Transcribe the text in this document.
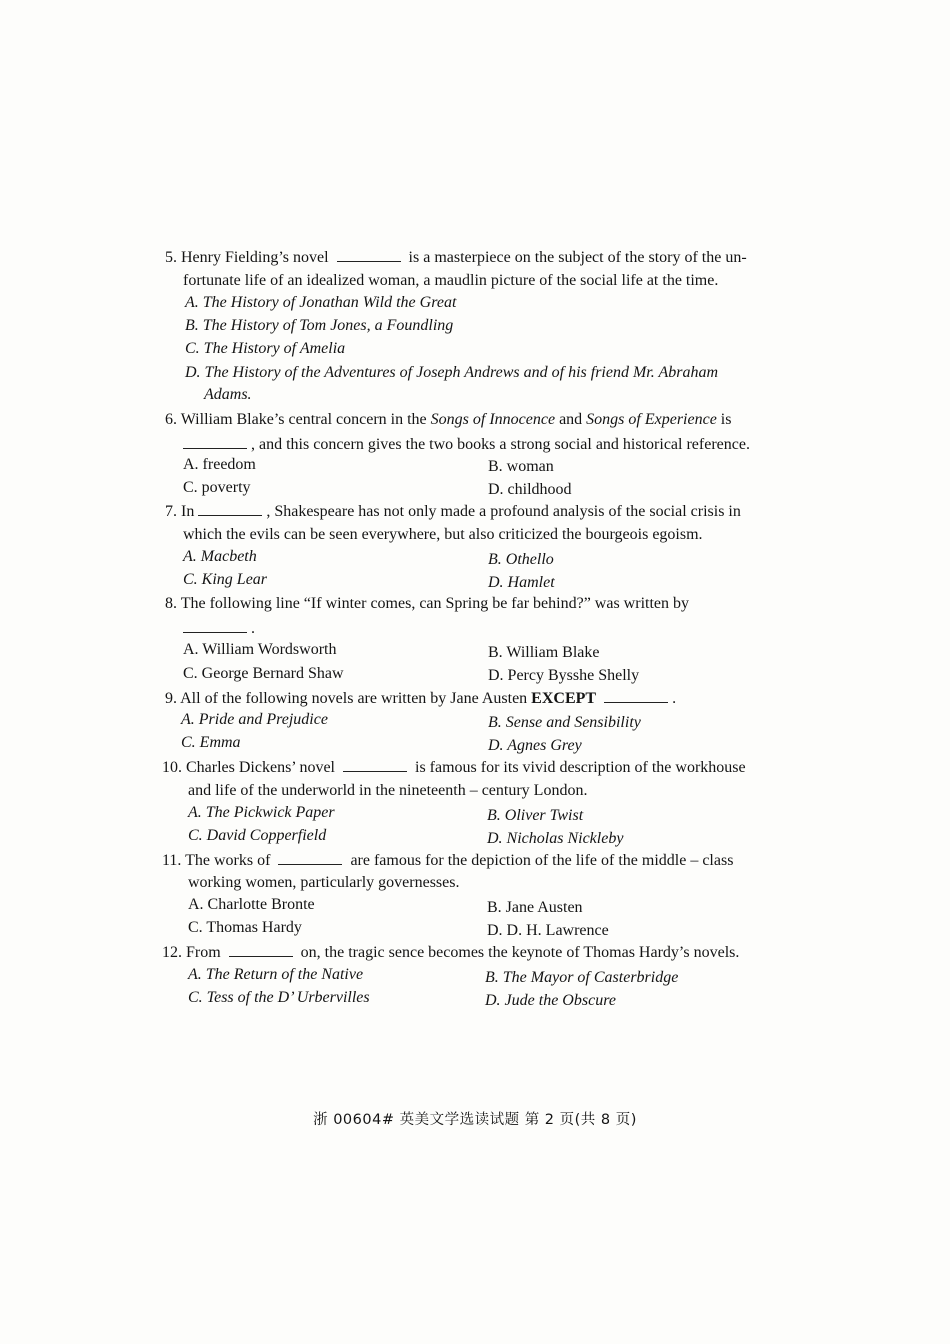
5. Henry Fielding’s novel	is a masterpiece on the subject of the story of the un-
fortunate life of an idealized woman, a maudlin picture of the social life at the time.
A. The History of Jonathan Wild the Great
B. The History of Tom Jones, a Foundling
C. The History of Amelia
D. The History of the Adventures of Joseph Andrews and of his friend Mr. Abraham
Adams.
6. William Blake’s central concern in the Songs of Innocence and Songs of Experience is
, and this concern gives the two books a strong social and historical reference.
A. freedom	B. woman
C. poverty	D. childhood
7. In	, Shakespeare has not only made a profound analysis of the social crisis in
which the evils can be seen everywhere, but also criticized the bourgeois egoism.
A. Macbeth	B. Othello
C. King Lear	D. Hamlet
8. The following line “If winter comes, can Spring be far behind?” was written by
.
A. William Wordsworth	B. William Blake
C. George Bernard Shaw	D. Percy Bysshe Shelly
9. All of the following novels are written by Jane Austen EXCEPT	.
A. Pride and Prejudice	B. Sense and Sensibility
C. Emma	D. Agnes Grey
10. Charles Dickens’ novel	is famous for its vivid description of the workhouse
and life of the underworld in the nineteenth – century London.
A. The Pickwick Paper	B. Oliver Twist
C. David Copperfield	D. Nicholas Nickleby
11. The works of	are famous for the depiction of the life of the middle – class
working women, particularly governesses.
A. Charlotte Bronte	B. Jane Austen
C. Thomas Hardy	D. D. H. Lawrence
12. From	on, the tragic sence becomes the keynote of Thomas Hardy’s novels.
A. The Return of the Native	B. The Mayor of Casterbridge
C. Tess of the D’ Urbervilles	D. Jude the Obscure
浙 00604# 英美文学选读试题 第 2 页(共 8 页)
